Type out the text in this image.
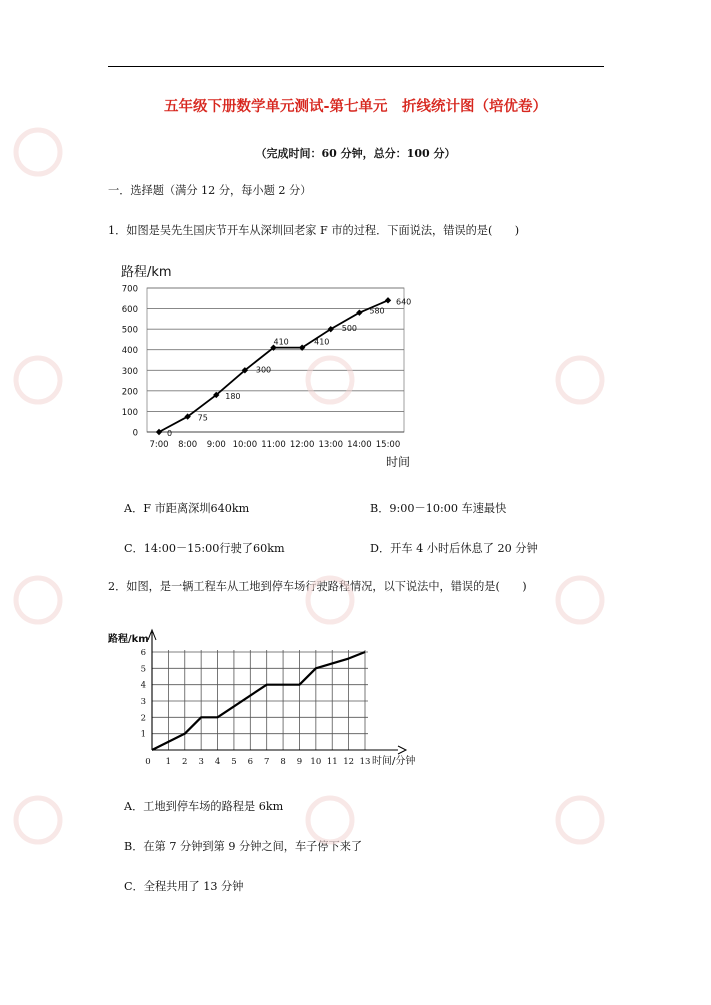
五年级下册数学单元测试-第七单元　折线统计图（培优卷）
（完成时间：60 分钟，总分：100 分）
一．选择题（满分 12 分，每小题 2 分）
1．如图是吴先生国庆节开车从深圳回老家 F 市的过程．下面说法，错误的是(　　)
0
100
200
300
400
500
600
700
7:00 8:00 9:00 10:00 11:00 12:00 13:00 14:00 15:00
路程/km
时间
0
75
180
300
410	410
500
580
640
A．F 市距离深圳640km	B．9:00－10:00 车速最快
C．14:00－15:00行驶了60km	D．开车 4 小时后休息了 20 分钟
2．如图，是一辆工程车从工地到停车场行驶路程情况，以下说法中，错误的是(　　)
0 1 2 3 4 5 6 7 8 9 10 11 12 13
1
2
3
4
5
6
路程/km
时间/分钟
A．工地到停车场的路程是 6km
B．在第 7 分钟到第 9 分钟之间，车子停下来了
C．全程共用了 13 分钟
